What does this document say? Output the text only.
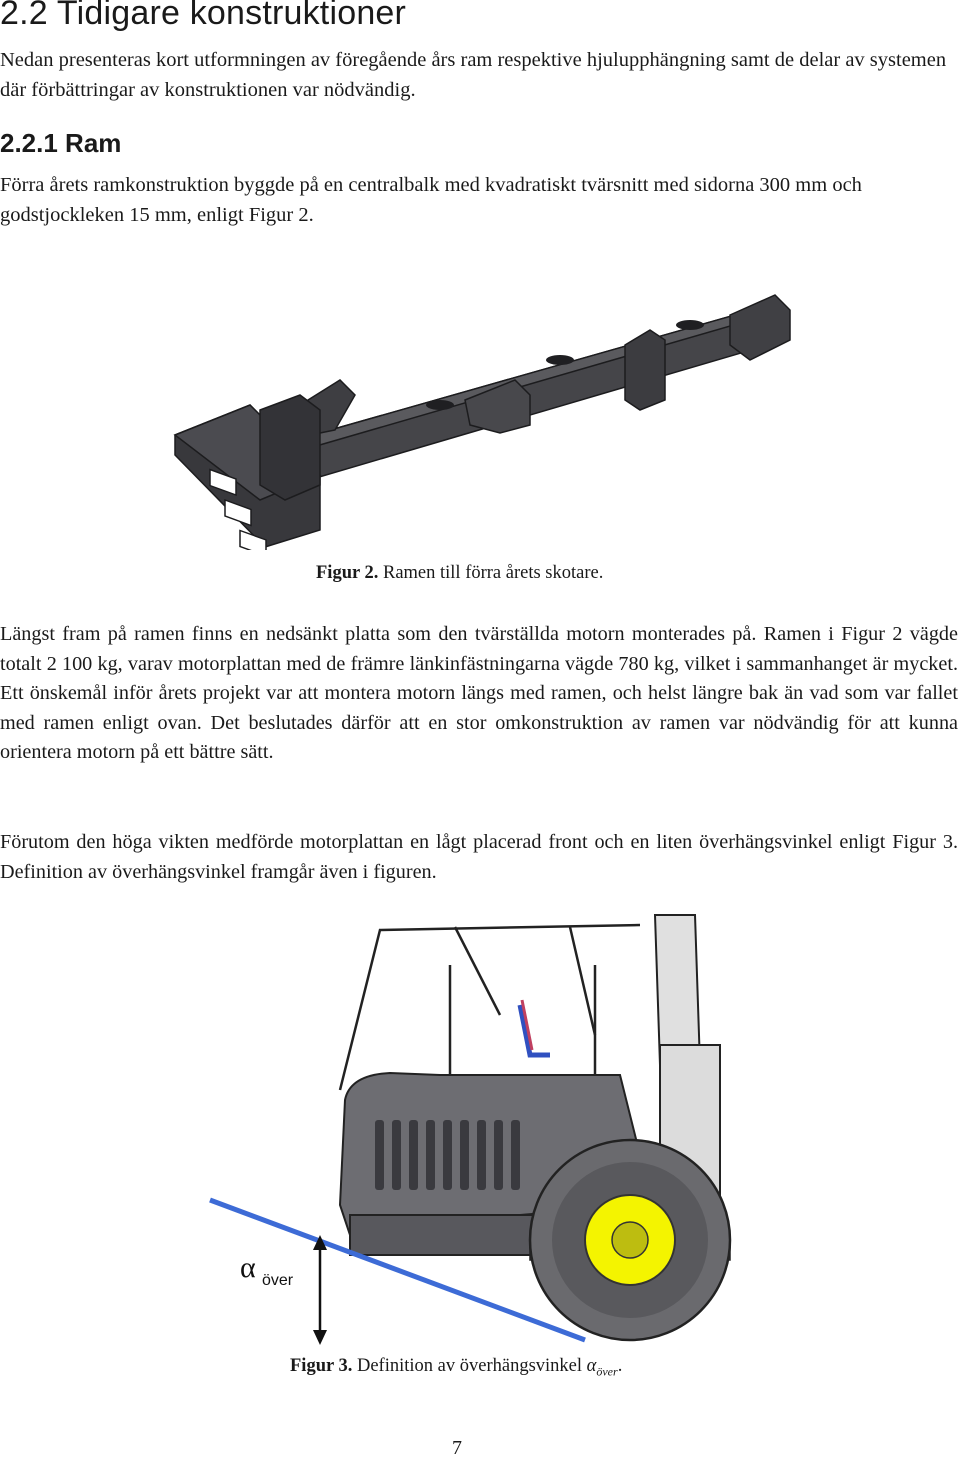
2.2 Tidigare konstruktioner

Nedan presenteras kort utformningen av föregående års ram respektive hjulupphängning samt de delar av systemen där förbättringar av konstruktionen var nödvändig.

2.2.1 Ram

Förra årets ramkonstruktion byggde på en centralbalk med kvadratiskt tvärsnitt med sidorna 300 mm och godstjockleken 15 mm, enligt Figur 2.

Figur 2. Ramen till förra årets skotare.

Längst fram på ramen finns en nedsänkt platta som den tvärställda motorn monterades på. Ramen i Figur 2 vägde totalt 2 100 kg, varav motorplattan med de främre länkinfästningarna vägde 780 kg, vilket i sammanhanget är mycket. Ett önskemål inför årets projekt var att montera motorn längs med ramen, och helst längre bak än vad som var fallet med ramen enligt ovan. Det beslutades därför att en stor omkonstruktion av ramen var nödvändig för att kunna orientera motorn på ett bättre sätt.

Förutom den höga vikten medförde motorplattan en lågt placerad front och en liten överhängsvinkel enligt Figur 3. Definition av överhängsvinkel framgår även i figuren.

α över

Figur 3. Definition av överhängsvinkel $\alpha_{över}$.

7
